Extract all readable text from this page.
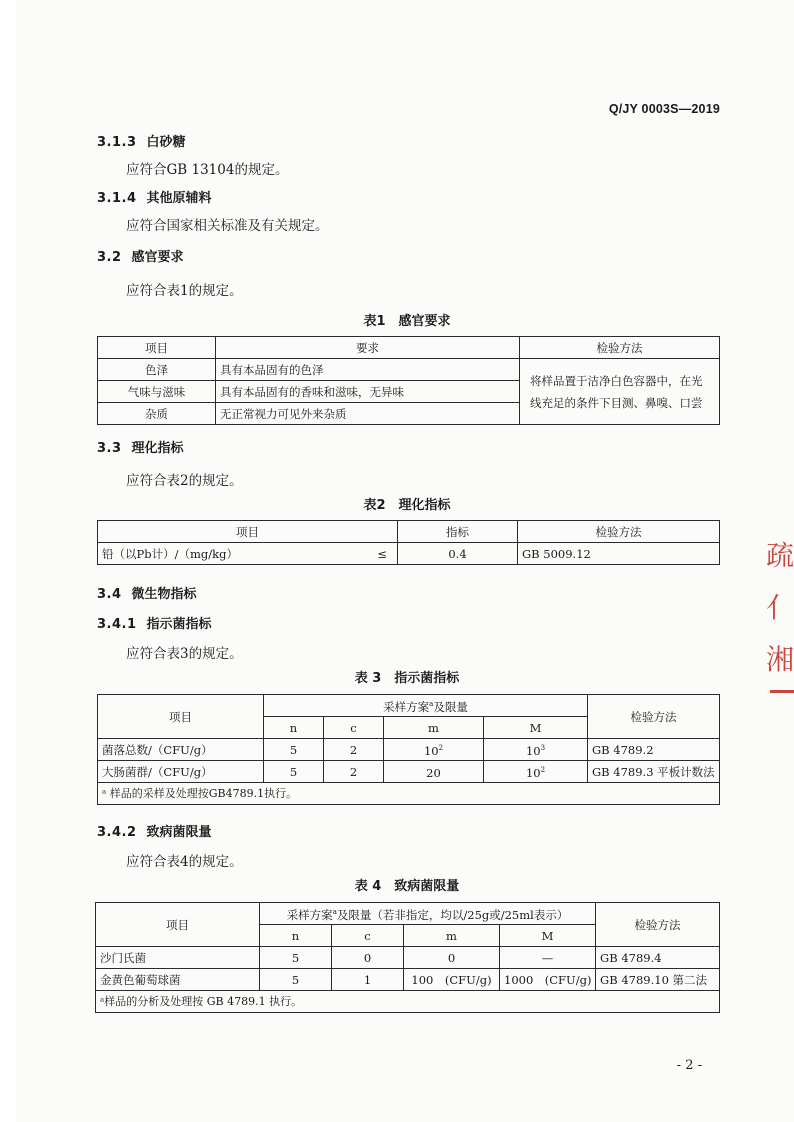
Q/JY 0003S—2019
3.1.3 白砂糖
应符合GB 13104的规定。
3.1.4 其他原辅料
应符合国家相关标准及有关规定。
3.2 感官要求
应符合表1的规定。
表1　感官要求
项目	要求	检验方法
色泽	具有本品固有的色泽	将样品置于洁净白色容器中，在光线充足的条件下目测、鼻嗅、口尝
气味与滋味	具有本品固有的香味和滋味，无异味	
杂质	无正常视力可见外来杂质	
3.3 理化指标
应符合表2的规定。
表2　理化指标
项目		指标	检验方法
铅（以Pb计）/（mg/kg）	≤	0.4	GB 5009.12
3.4 微生物指标
3.4.1 指示菌指标
应符合表3的规定。
表 3　指示菌指标
项目	采样方案$^a$及限量				检验方法
	n	c	m	M	
菌落总数/（CFU/g）	5	2	$10^2$	$10^3$	GB 4789.2
大肠菌群/（CFU/g）	5	2	20	$10^2$	GB 4789.3 平板计数法
ᵃ 样品的采样及处理按GB4789.1执行。					
3.4.2 致病菌限量
应符合表4的规定。
表 4　致病菌限量
项目	采样方案$^a$及限量（若非指定，均以/25g或/25ml表示）				检验方法
	n	c	m	M	
沙门氏菌	5	0	0	—	GB 4789.4
金黄色葡萄球菌	5	1	100　(CFU/g)	1000　(CFU/g)	GB 4789.10 第二法
ᵃ样品的分析及处理按 GB 4789.1 执行。					
- 2 -
疏
亻
湘
